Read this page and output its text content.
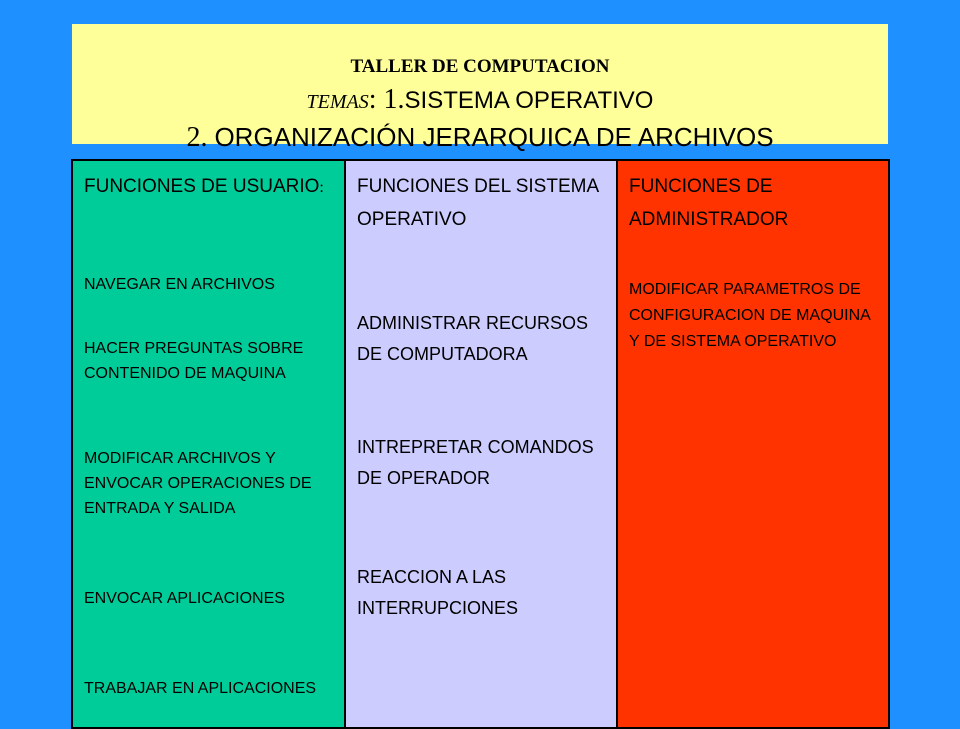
TALLER DE COMPUTACION
TEMAS: 1.SISTEMA OPERATIVO
2. ORGANIZACIÓN JERARQUICA DE ARCHIVOS
FUNCIONES DE USUARIO:
NAVEGAR EN ARCHIVOS
HACER PREGUNTAS SOBRE CONTENIDO DE MAQUINA
MODIFICAR ARCHIVOS Y ENVOCAR OPERACIONES DE ENTRADA Y SALIDA
ENVOCAR APLICACIONES
TRABAJAR EN APLICACIONES
FUNCIONES DEL SISTEMA OPERATIVO
ADMINISTRAR RECURSOS DE COMPUTADORA
INTREPRETAR COMANDOS DE OPERADOR
REACCION A LAS INTERRUPCIONES
FUNCIONES DE ADMINISTRADOR
MODIFICAR PARAMETROS DE CONFIGURACION DE MAQUINA Y DE SISTEMA OPERATIVO
